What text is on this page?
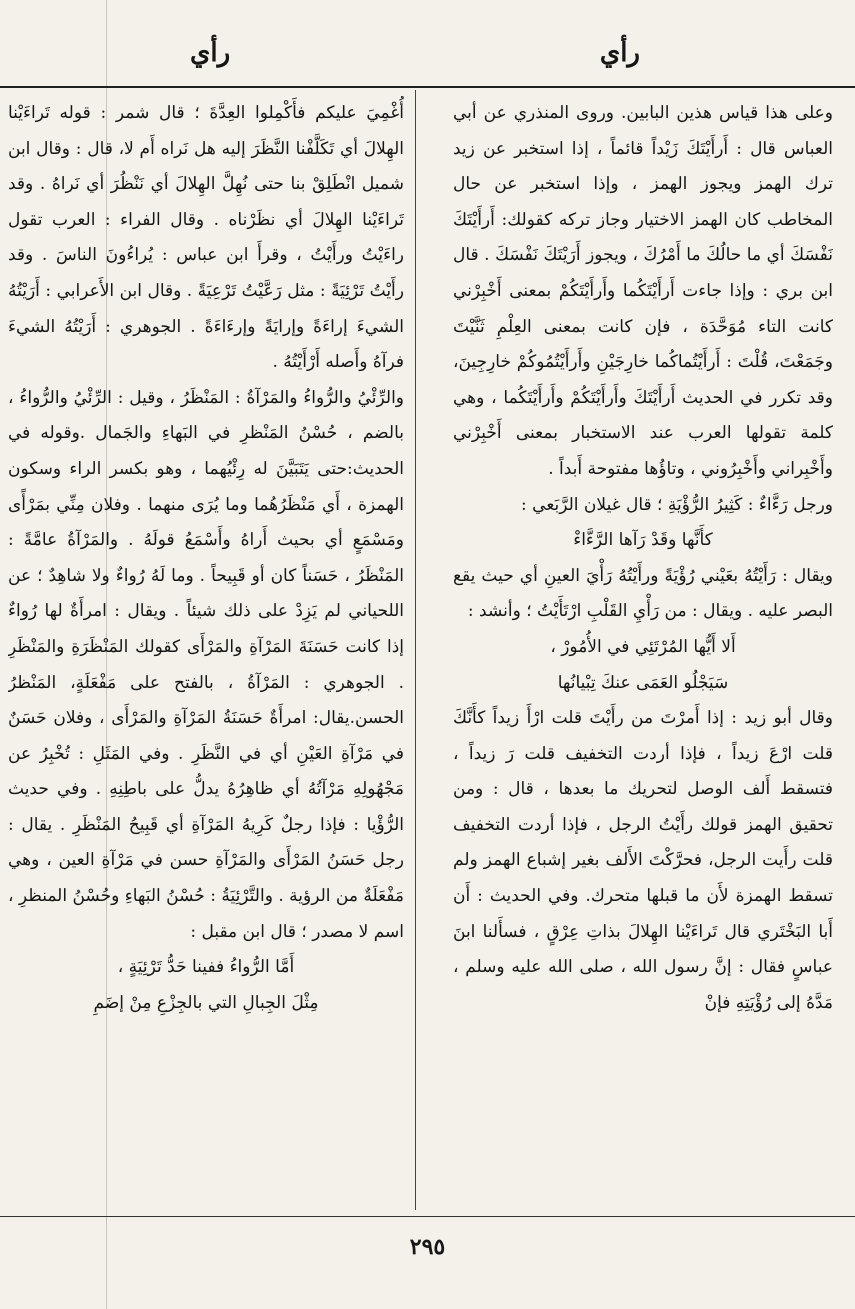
رأي
رأي

وعلى هذا قياس هذين البابين. وروى المنذري عن أبي العباس قال : أَرأَيْتَكَ زَيْداً قائماً ، إذا استخبر عن زيد ترك الهمز ويجوز الهمز ، وإذا استخبر عن حال المخاطب كان الهمز الاختيار وجاز تركه كقولك: أَرأَيْتَكَ نَفْسَكَ أي ما حالُكَ ما أَمْرُكَ ، ويجوز أَرَيْتَكَ نَفْسَكَ . قال ابن بري : وإذا جاءت أَرأَيْتَكُما وأَرأَيْتَكُمْ بمعنى أَخْبِرْني كانت التاء مُوَحَّدَة ، فإن كانت بمعنى العِلْمِ ثَنَّيْتَ وجَمَعْتَ، قُلْتَ : أَرأَيْتُماكُما خارِجَيْنِ وأَرأَيْتُمُوكُمْ خارِجِينَ، وقد تكرر في الحديث أَرأَيْتَكَ وأَرأَيْتَكُمْ وأَرأَيْتَكُما ، وهي كلمة تقولها العرب عند الاستخبار بمعنى أَخْبِرْني وأَخْبِراني وأَخْبِرُوني ، وتاؤُها مفتوحة أَبداً .

ورجل رَءَّاءٌ : كَثِيرُ الرُّؤْيَةِ ؛ قال غيلان الرَّبَعي :

كأَنَّها وقَدْ رَآها الرَّءَّاءْ

ويقال : رَأَيْتُهُ بعَيْني رُؤْيَةً ورأَيْتُهُ رَأْيَ العينِ أي حيث يقع البصر عليه . ويقال : من رَأْيِ القَلْبِ ارْتَأَيْتُ ؛ وأنشد :

أَلا أَيُّها المُرْتَئِي في الأُمُورْ ،

سَيَجْلُو العَمَى عنكَ تِبْيانُها

وقال أبو زيد : إذا أَمرْتَ من رأَيْتَ قلت ارْأَ زيداً كأَنَّكَ قلت ارْعَ زيداً ، فإذا أردت التخفيف قلت رَ زيداً ، فتسقط أَلف الوصل لتحريك ما بعدها ، قال : ومن تحقيق الهمز قولك رأَيْتُ الرجل ، فإذا أردت التخفيف قلت رأَيت الرجل، فحرَّكْتَ الأَلف بغير إشباع الهمز ولم تسقط الهمزة لأَن ما قبلها متحرك. وفي الحديث : أَن أَبا البَخْتَري قال تَراءَيْنا الهِلالَ بذاتِ عِرْقٍ ، فسأَلنا ابنَ عباسٍ فقال : إنَّ رسول الله ، صلى الله عليه وسلم ، مَدَّهُ إلى رُؤْيَتِهِ فإنْ

أُغْمِيَ عليكم فأَكْمِلوا العِدَّةَ ؛ قال شمر : قوله تَراءَيْنا الهِلالَ أي تَكَلَّفْنا النَّظَرَ إليه هل نَراه أَم لا، قال : وقال ابن شميل انْطَلِقْ بنا حتى نُهِلَّ الهِلالَ أي نَنْظُرَ أي نَراهُ . وقد تَراءَيْنا الهِلالَ أي نظَرْناه . وقال الفراء : العرب تقول راءَيْتُ ورأَيْتُ ، وقرأَ ابن عباس : يُراءُونَ الناسَ . وقد رأَيْتُ تَرْئِيَةً : مثل رَعَّيْتُ تَرْعِيَةً . وقال ابن الأَعرابي : أَرَيْتُهُ الشيءَ إراءَةً وإرايَةً وإرءَاءَةً . الجوهري : أَرَيْتُهُ الشيءَ فرآهُ وأَصله أَرْأَيْتُهُ .

والرِّئْيُ والرُّواءُ والمَرْآةُ : المَنْظَرُ ، وقيل : الرِّئْيُ والرُّواءُ ، بالضم ، حُسْنُ المَنْظرِ في البَهاءِ والجَمال .وقوله في الحديث:حتى يَتَبَيَّنَ له رِئْيُهما ، وهو بكسر الراء وسكون الهمزة ، أَي مَنْظَرُهُما وما يُرَى منهما . وفلان مِنِّي بمَرْأًى ومَسْمَعٍ أي بحيث أَراهُ وأَسْمَعُ قولَهُ . والمَرْآةُ عامَّةً : المَنْظَرُ ، حَسَناً كان أو قَبِيحاً . وما لَهُ رُواءٌ ولا شاهِدٌ ؛ عن اللحياني لم يَزِدْ على ذلك شيئاً . ويقال : امرأَةٌ لها رُواءٌ إذا كانت حَسَنَةَ المَرْآةِ والمَرْأَى كقولك المَنْظَرَةِ والمَنْظَرِ . الجوهري : المَرْآةُ ، بالفتح على مَفْعَلَةٍ، المَنْظرُ الحسن.يقال: امرأَةٌ حَسَنَةُ المَرْآةِ والمَرْأَى ، وفلان حَسَنٌ في مَرْآةِ العَيْنِ أي في النَّظَرِ . وفي المَثَلِ : تُخْبِرُ عن مَجْهُولِهِ مَرْآتُهُ أي ظاهِرُهُ يدلُّ على باطِنِهِ . وفي حديث الرُّؤْيا : فإذا رجلٌ كَرِيهُ المَرْآةِ أي قَبِيحُ المَنْظَرِ . يقال : رجل حَسَنُ المَرْأَى والمَرْآةِ حسن في مَرْآةِ العين ، وهي مَفْعَلَةٌ من الرؤية . والتَّرْئِيَةُ : حُسْنُ البَهاءِ وحُسْنُ المنظرِ ، اسم لا مصدر ؛ قال ابن مقبل :

أَمَّا الرُّواءُ ففينا حَدُّ تَرْئِيَةٍ ،

مِثْلَ الجِبالِ التي بالجِزْعِ مِنْ إضَمِ

٢٩٥
